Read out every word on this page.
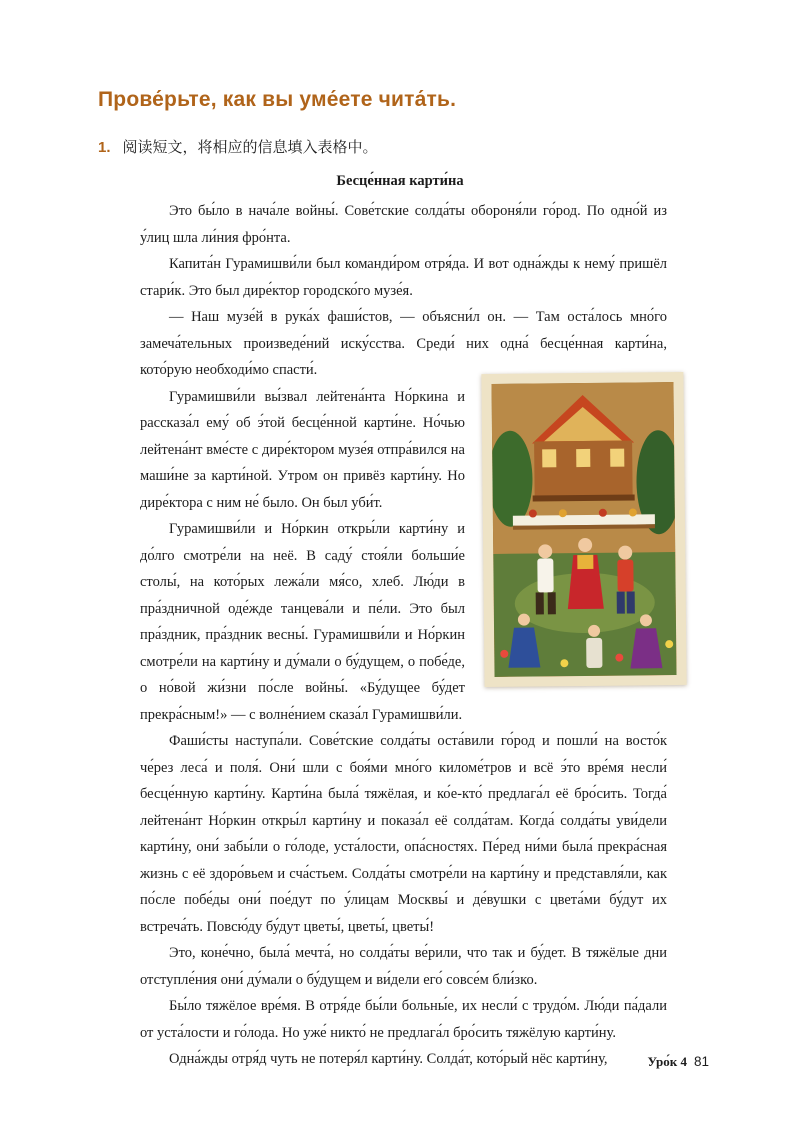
Прове́рьте, как вы уме́ете чита́ть.
1. 阅读短文，将相应的信息填入表格中。
Бесце́нная карти́на

Это бы́ло в нача́ле войны́. Сове́тские солда́ты обороня́ли го́род. По одно́й из у́лиц шла ли́ния фро́нта.

Капита́н Гурамишви́ли был команди́ром отря́да. И вот одна́жды к нему́ пришёл стари́к. Это был дире́ктор городско́го музе́я.

— Наш музе́й в рука́х фаши́стов, — объясни́л он. — Там оста́лось мно́го замеча́тельных произведе́ний иску́сства. Среди́ них одна́ бесце́нная карти́на, кото́рую необходи́мо спасти́.

Гурамишви́ли вы́звал лейтена́нта Но́ркина и рассказа́л ему́ об э́той бесце́нной карти́не. Но́чью лейтена́нт вме́сте с дире́ктором музе́я отпра́вился на маши́не за карти́ной. Утром он привёз карти́ну. Но дире́ктора с ним не́ было. Он был уби́т.

Гурамишви́ли и Но́ркин откры́ли карти́ну и до́лго смотре́ли на неё. В саду́ стоя́ли больши́е столы́, на кото́рых лежа́ли мя́со, хлеб. Лю́ди в пра́здничной оде́жде танцева́ли и пе́ли. Это был пра́здник, пра́здник весны́. Гурамишви́ли и Но́ркин смотре́ли на карти́ну и ду́мали о бу́дущем, о побе́де, о но́вой жи́зни по́сле войны́. «Бу́дущее бу́дет прекра́сным!» — с волне́нием сказа́л Гурамишви́ли.

Фаши́сты наступа́ли. Сове́тские солда́ты оста́вили го́род и пошли́ на восто́к че́рез леса́ и поля́. Они́ шли с боя́ми мно́го киломе́тров и всё э́то вре́мя несли́ бесце́нную карти́ну. Карти́на была́ тяжёлая, и ко́е-кто́ предлага́л её бро́сить. Тогда́ лейтена́нт Но́ркин откры́л карти́ну и показа́л её солда́там. Когда́ солда́ты уви́дели карти́ну, они́ забы́ли о го́лоде, уста́лости, опа́сностях. Пе́ред ни́ми была́ прекра́сная жизнь с её здоро́вьем и сча́стьем. Солда́ты смотре́ли на карти́ну и представля́ли, как по́сле побе́ды они́ пое́дут по у́лицам Москвы́ и де́вушки с цвета́ми бу́дут их встреча́ть. Повсю́ду бу́дут цветы́, цветы́, цветы́!

Это, коне́чно, была́ мечта́, но солда́ты ве́рили, что так и бу́дет. В тяжёлые дни отступле́ния они́ ду́мали о бу́дущем и ви́дели его́ совсе́м бли́зко.

Бы́ло тяжёлое вре́мя. В отря́де бы́ли больны́е, их несли́ с трудо́м. Лю́ди па́дали от уста́лости и го́лода. Но уже́ никто́ не предлага́л бро́сить тяжёлую карти́ну.

Одна́жды отря́д чуть не потеря́л карти́ну. Солда́т, кото́рый нёс карти́ну,	Уро́к 4 81
